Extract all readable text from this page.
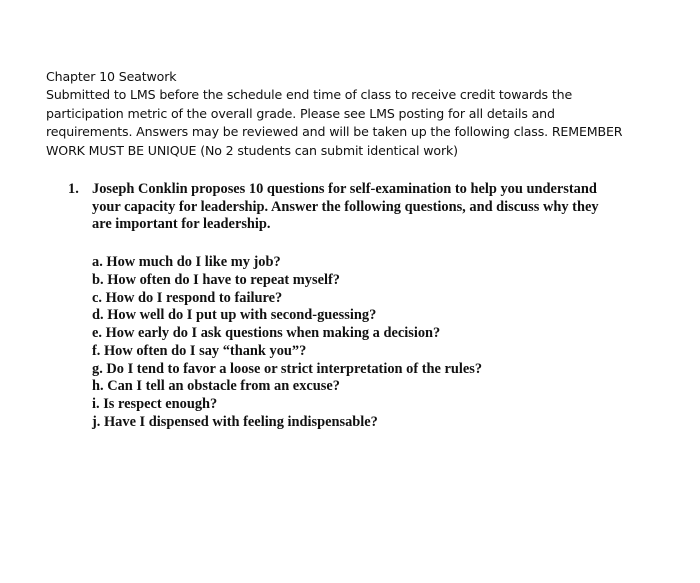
Chapter 10 Seatwork
Submitted to LMS before the schedule end time of class to receive credit towards the
participation metric of the overall grade. Please see LMS posting for all details and
requirements. Answers may be reviewed and will be taken up the following class. REMEMBER
WORK MUST BE UNIQUE (No 2 students can submit identical work)
1. Joseph Conklin proposes 10 questions for self-examination to help you understand
your capacity for leadership. Answer the following questions, and discuss why they
are important for leadership.
a. How much do I like my job?
b. How often do I have to repeat myself?
c. How do I respond to failure?
d. How well do I put up with second-guessing?
e. How early do I ask questions when making a decision?
f. How often do I say “thank you”?
g. Do I tend to favor a loose or strict interpretation of the rules?
h. Can I tell an obstacle from an excuse?
i. Is respect enough?
j. Have I dispensed with feeling indispensable?
